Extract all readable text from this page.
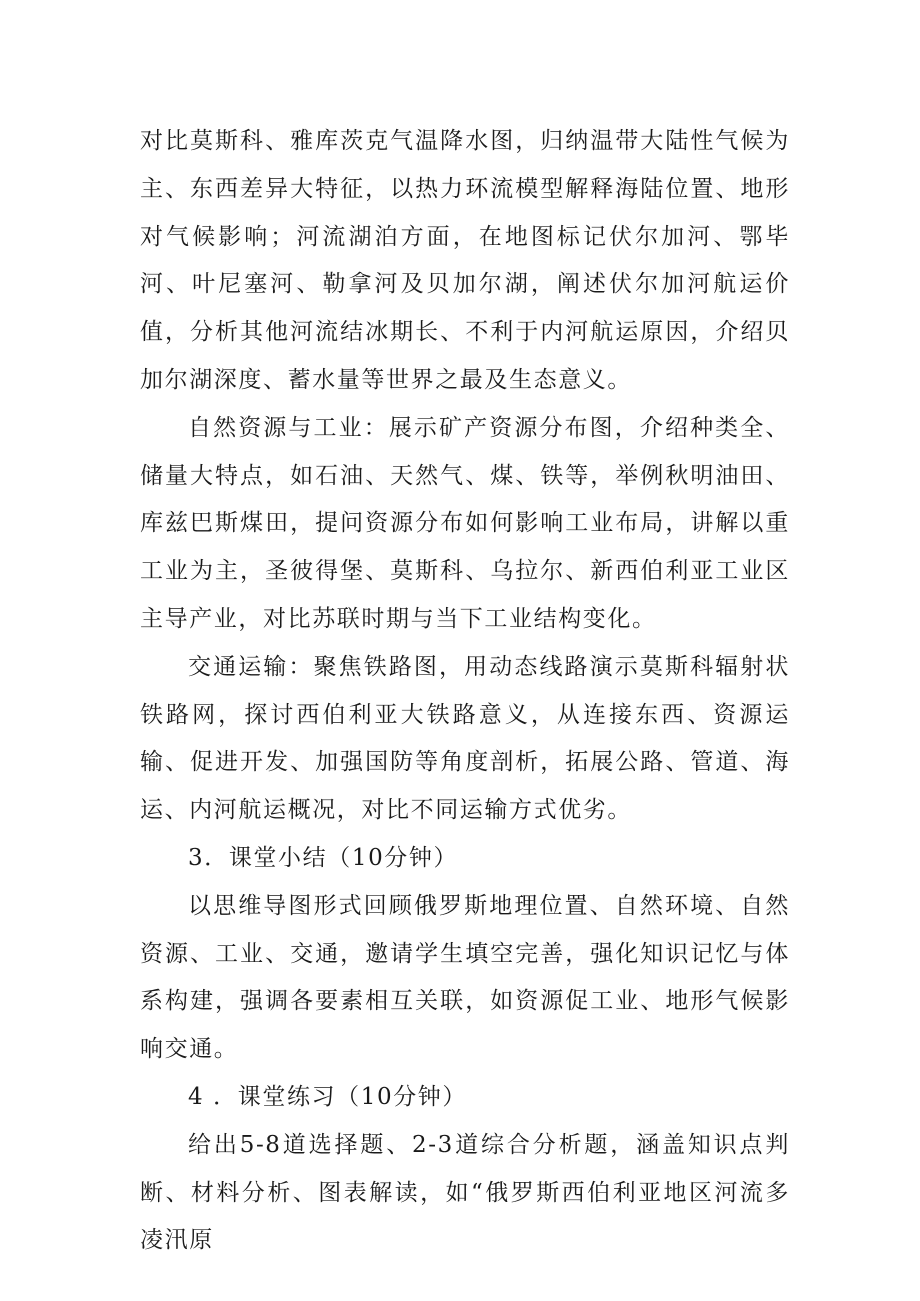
对比莫斯科、雅库茨克气温降水图，归纳温带大陆性气候为主、东西差异大特征，以热力环流模型解释海陆位置、地形对气候影响；河流湖泊方面，在地图标记伏尔加河、鄂毕河、叶尼塞河、勒拿河及贝加尔湖，阐述伏尔加河航运价值，分析其他河流结冰期长、不利于内河航运原因，介绍贝加尔湖深度、蓄水量等世界之最及生态意义。

自然资源与工业：展示矿产资源分布图，介绍种类全、储量大特点，如石油、天然气、煤、铁等，举例秋明油田、库兹巴斯煤田，提问资源分布如何影响工业布局，讲解以重工业为主，圣彼得堡、莫斯科、乌拉尔、新西伯利亚工业区主导产业，对比苏联时期与当下工业结构变化。

交通运输：聚焦铁路图，用动态线路演示莫斯科辐射状铁路网，探讨西伯利亚大铁路意义，从连接东西、资源运输、促进开发、加强国防等角度剖析，拓展公路、管道、海运、内河航运概况，对比不同运输方式优劣。

3．课堂小结（10分钟）

以思维导图形式回顾俄罗斯地理位置、自然环境、自然资源、工业、交通，邀请学生填空完善，强化知识记忆与体系构建，强调各要素相互关联，如资源促工业、地形气候影响交通。

4 ．课堂练习（10分钟）

给出5-8道选择题、2-3道综合分析题，涵盖知识点判断、材料分析、图表解读，如“俄罗斯西伯利亚地区河流多凌汛原
